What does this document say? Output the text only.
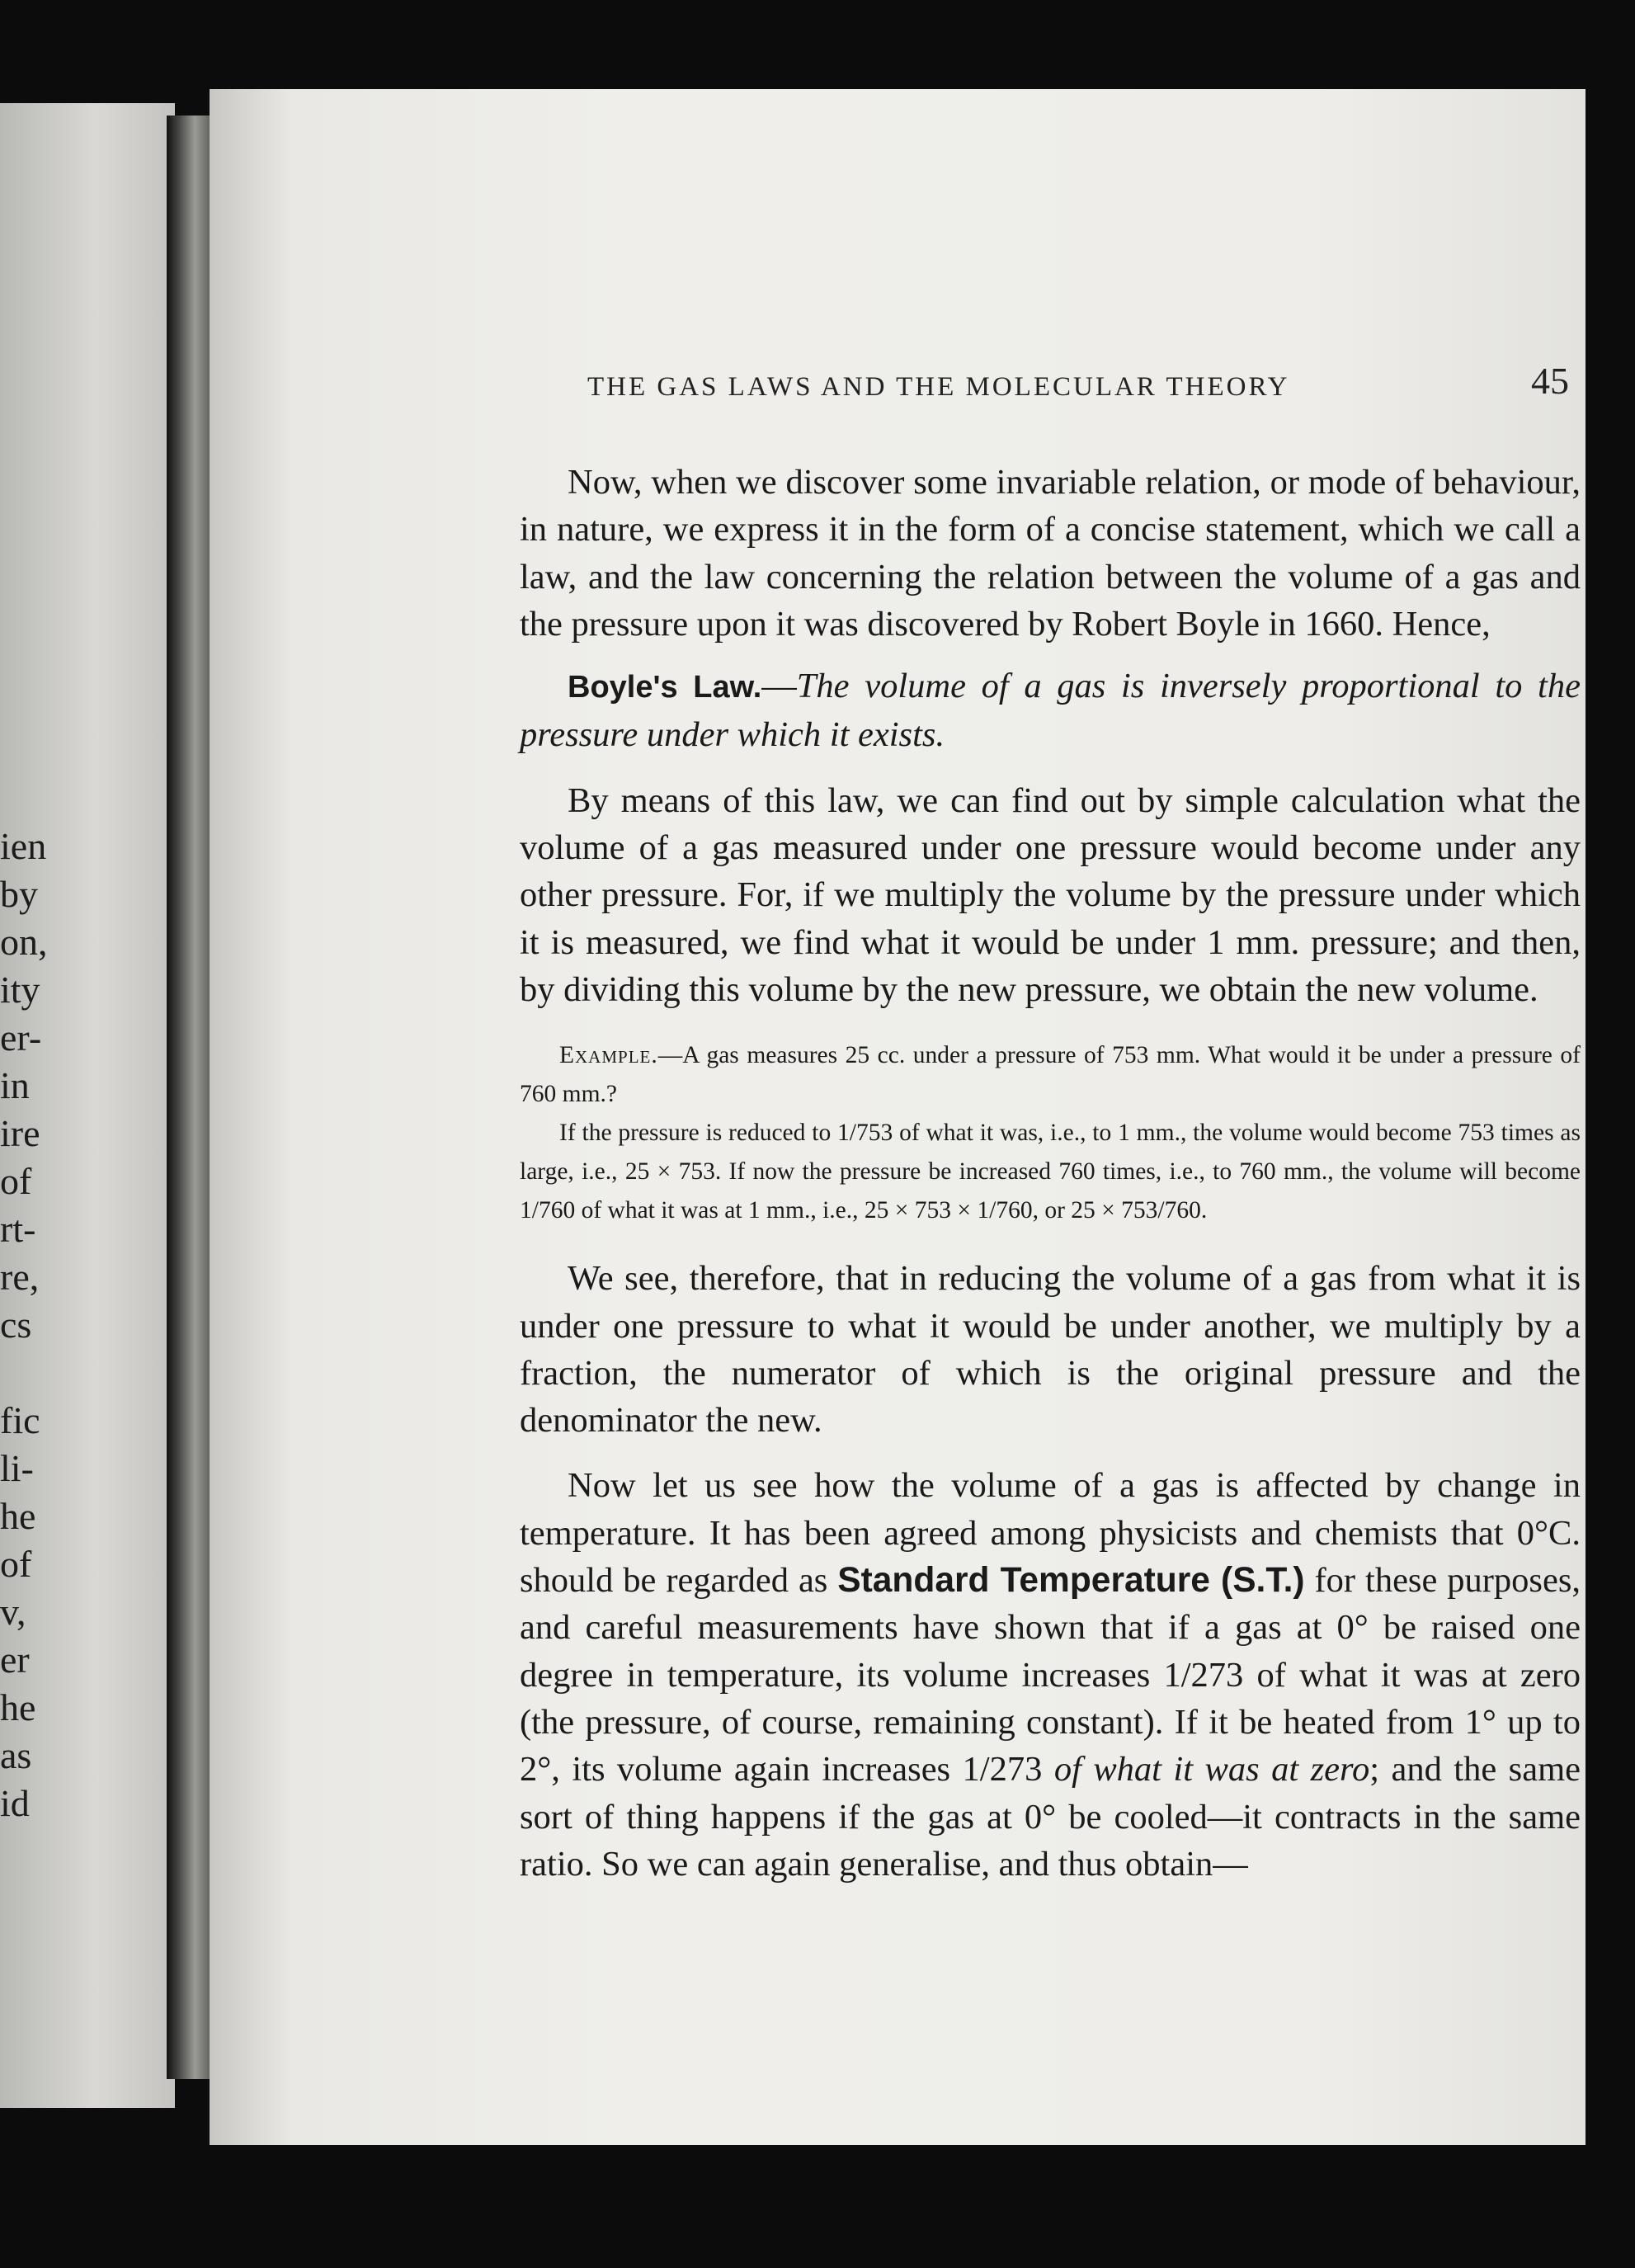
ien
by
on,
ity
er-
in
ire
of
rt-
re,
cs
fic
li-
he
of
v,
er
he
as
id
THE GAS LAWS AND THE MOLECULAR THEORY	45

Now, when we discover some invariable relation, or mode of behaviour, in nature, we express it in the form of a concise statement, which we call a law, and the law concerning the relation between the volume of a gas and the pressure upon it was discovered by Robert Boyle in 1660. Hence,

Boyle's Law.—The volume of a gas is inversely proportional to the pressure under which it exists.

By means of this law, we can find out by simple calculation what the volume of a gas measured under one pressure would become under any other pressure. For, if we multiply the volume by the pressure under which it is measured, we find what it would be under 1 mm. pressure; and then, by dividing this volume by the new pressure, we obtain the new volume.

Example.—A gas measures 25 cc. under a pressure of 753 mm. What would it be under a pressure of 760 mm.?

If the pressure is reduced to 1/753 of what it was, i.e., to 1 mm., the volume would become 753 times as large, i.e., 25 × 753. If now the pressure be increased 760 times, i.e., to 760 mm., the volume will become 1/760 of what it was at 1 mm., i.e., 25 × 753 × 1/760, or 25 × 753/760.

We see, therefore, that in reducing the volume of a gas from what it is under one pressure to what it would be under another, we multiply by a fraction, the numerator of which is the original pressure and the denominator the new.

Now let us see how the volume of a gas is affected by change in temperature. It has been agreed among physicists and chemists that 0°C. should be regarded as Standard Temperature (S.T.) for these purposes, and careful measurements have shown that if a gas at 0° be raised one degree in temperature, its volume increases 1/273 of what it was at zero (the pressure, of course, remaining constant). If it be heated from 1° up to 2°, its volume again increases 1/273 of what it was at zero; and the same sort of thing happens if the gas at 0° be cooled—it contracts in the same ratio. So we can again generalise, and thus obtain—
